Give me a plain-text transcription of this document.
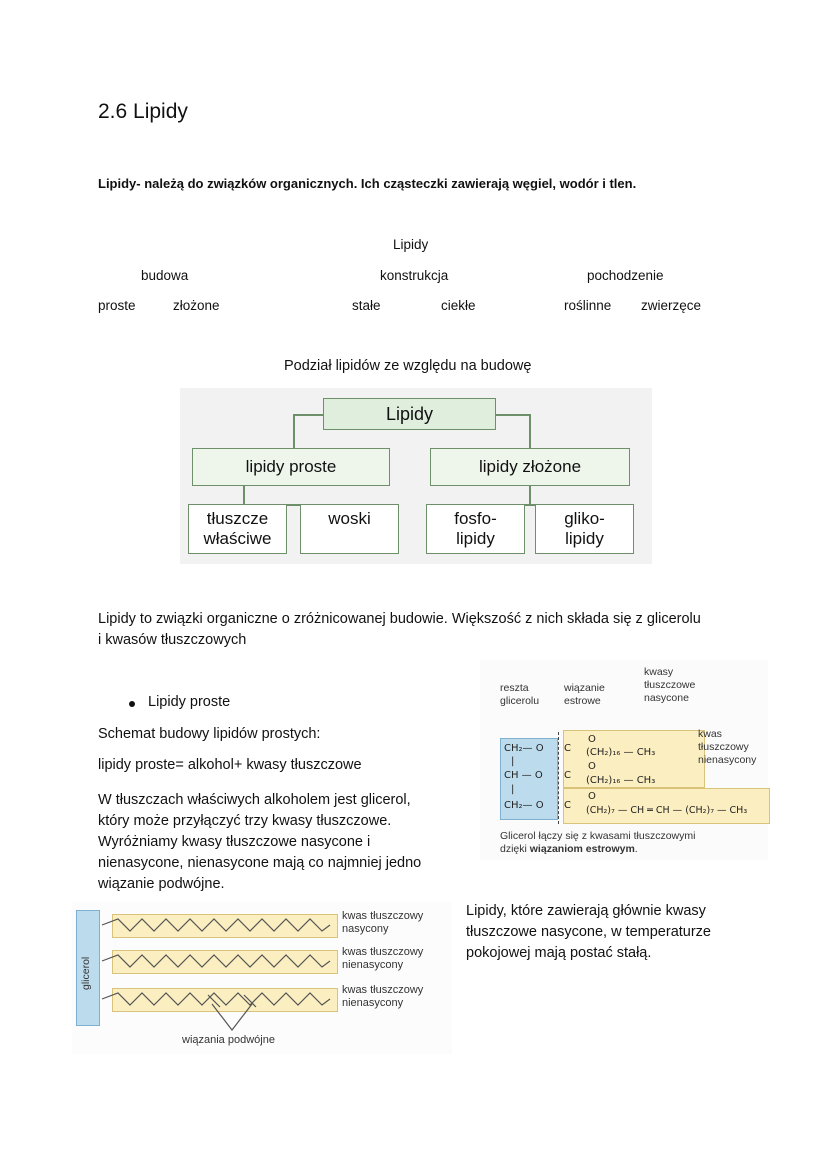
2.6 Lipidy
Lipidy- należą do związków organicznych. Ich cząsteczki zawierają węgiel, wodór i tlen.
Lipidy
budowa	konstrukcja	pochodzenie
proste	złożone	stałe	ciekłe	roślinne zwierzęce
Podział lipidów ze względu na budowę
Lipidy
lipidy proste	lipidy złożone
tłuszcze właściwe
woski	fosfo-lipidy
gliko-lipidy
Lipidy to związki organiczne o zróżnicowanej budowie. Większość z nich składa się z glicerolu
i kwasów tłuszczowych
Lipidy proste
Schemat budowy lipidów prostych:
lipidy proste= alkohol+ kwasy tłuszczowe
W tłuszczach właściwych alkoholem jest glicerol,
który może przyłączyć trzy kwasy tłuszczowe.
Wyróżniamy kwasy tłuszczowe nasycone i
nienasycone, nienasycone mają co najmniej jedno
wiązanie podwójne.
reszta
glicerolu
wiązanie
estrowe
kwasy
tłuszczowe
nasycone
kwas
tłuszczowy
nienasycony
CH₂— O C
O
(CH₂)₁₆ — CH₃
|
CH — O C
O
(CH₂)₁₆ — CH₃
|
CH₂— O C
O
(CH₂)₇ — CH ═ CH — (CH₂)₇ — CH₃
Glicerol łączy się z kwasami tłuszczowymi
dzięki wiązaniom estrowym.
glicerol
kwas tłuszczowy
nasycony
kwas tłuszczowy
nienasycony
kwas tłuszczowy
nienasycony
wiązania podwójne
Lipidy, które zawierają głównie kwasy
tłuszczowe nasycone, w temperaturze
pokojowej mają postać stałą.
